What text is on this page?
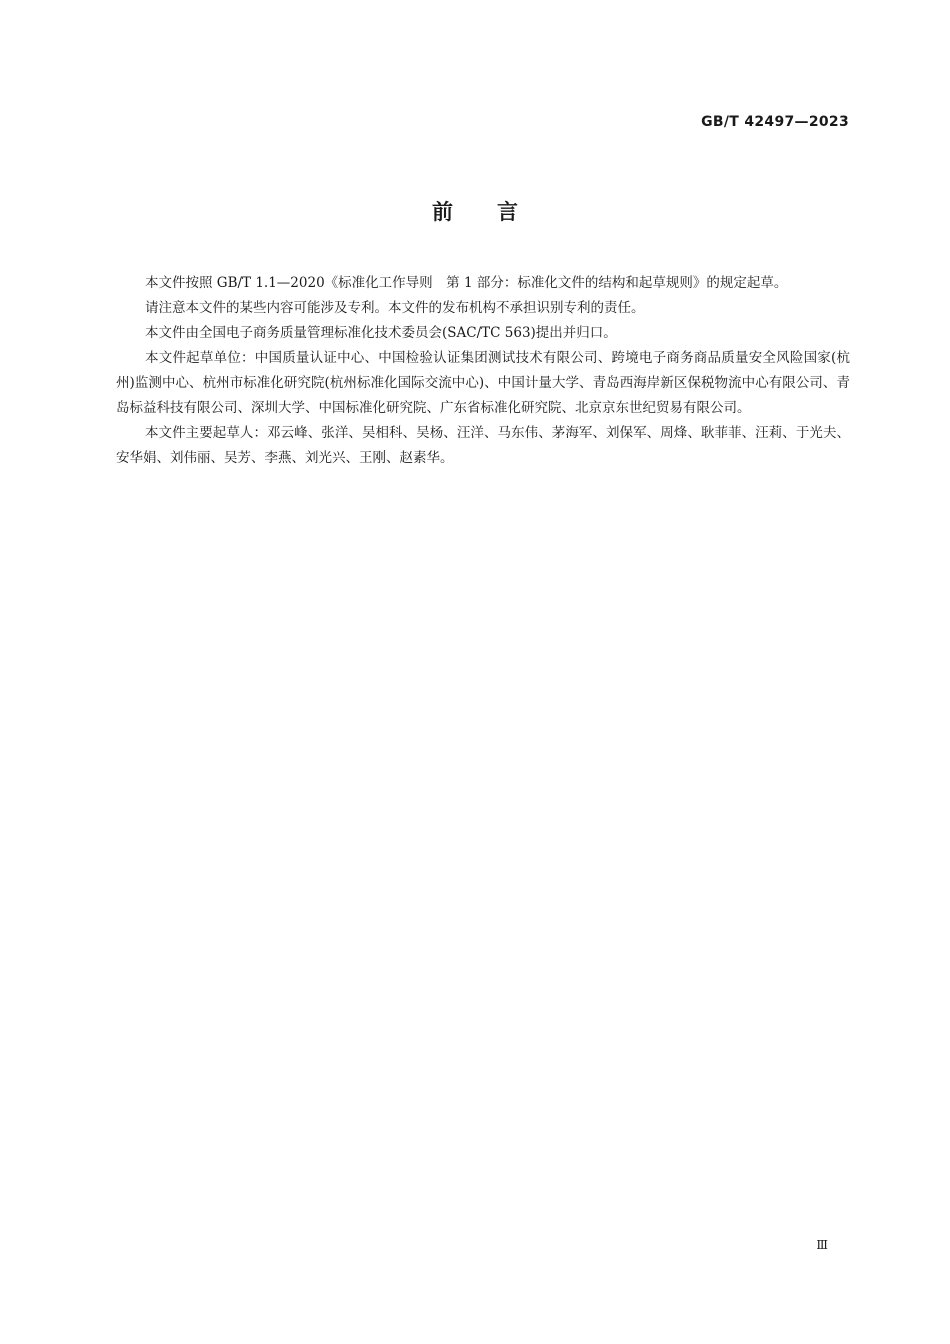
GB/T 42497—2023
前言

本文件按照 GB/T 1.1—2020《标准化工作导则　第 1 部分：标准化文件的结构和起草规则》的规定起草。

请注意本文件的某些内容可能涉及专利。本文件的发布机构不承担识别专利的责任。

本文件由全国电子商务质量管理标准化技术委员会(SAC/TC 563)提出并归口。

本文件起草单位：中国质量认证中心、中国检验认证集团测试技术有限公司、跨境电子商务商品质量安全风险国家(杭州)监测中心、杭州市标准化研究院(杭州标准化国际交流中心)、中国计量大学、青岛西海岸新区保税物流中心有限公司、青岛标益科技有限公司、深圳大学、中国标准化研究院、广东省标准化研究院、北京京东世纪贸易有限公司。

本文件主要起草人：邓云峰、张洋、吴相科、吴杨、汪洋、马东伟、茅海军、刘保军、周烽、耿菲菲、汪莉、于光夫、安华娟、刘伟丽、吴芳、李燕、刘光兴、王刚、赵素华。

Ⅲ
